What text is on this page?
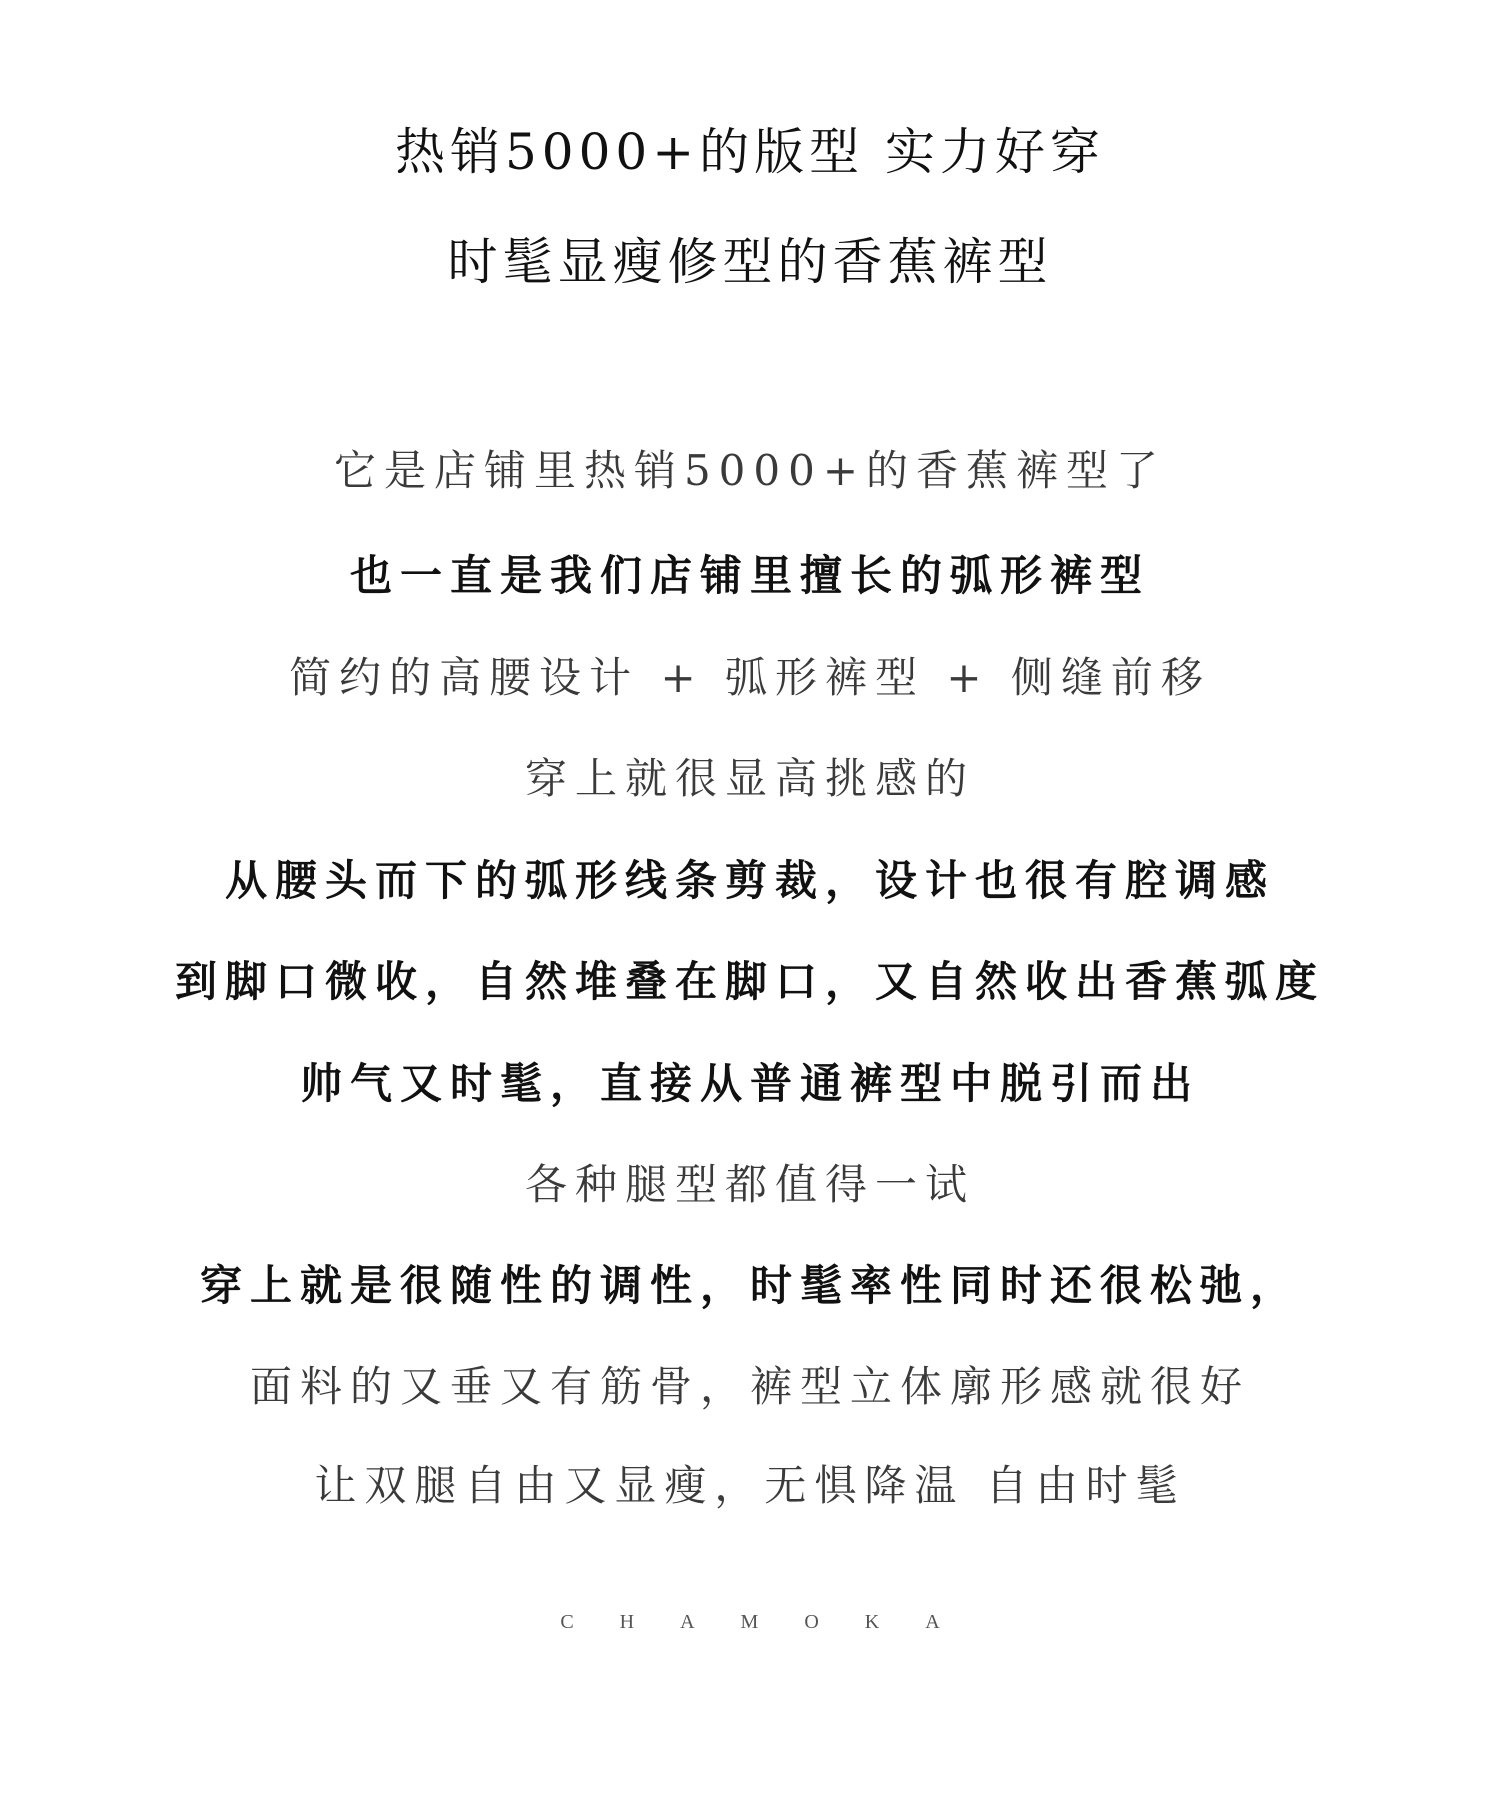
热销5000+的版型 实力好穿
时髦显瘦修型的香蕉裤型
它是店铺里热销5000+的香蕉裤型了
也一直是我们店铺里擅长的弧形裤型
简约的高腰设计 + 弧形裤型 + 侧缝前移
穿上就很显高挑感的
从腰头而下的弧形线条剪裁，设计也很有腔调感
到脚口微收，自然堆叠在脚口，又自然收出香蕉弧度
帅气又时髦，直接从普通裤型中脱引而出
各种腿型都值得一试
穿上就是很随性的调性，时髦率性同时还很松弛，
面料的又垂又有筋骨，裤型立体廓形感就很好
让双腿自由又显瘦，无惧降温 自由时髦
CHAMOKA
